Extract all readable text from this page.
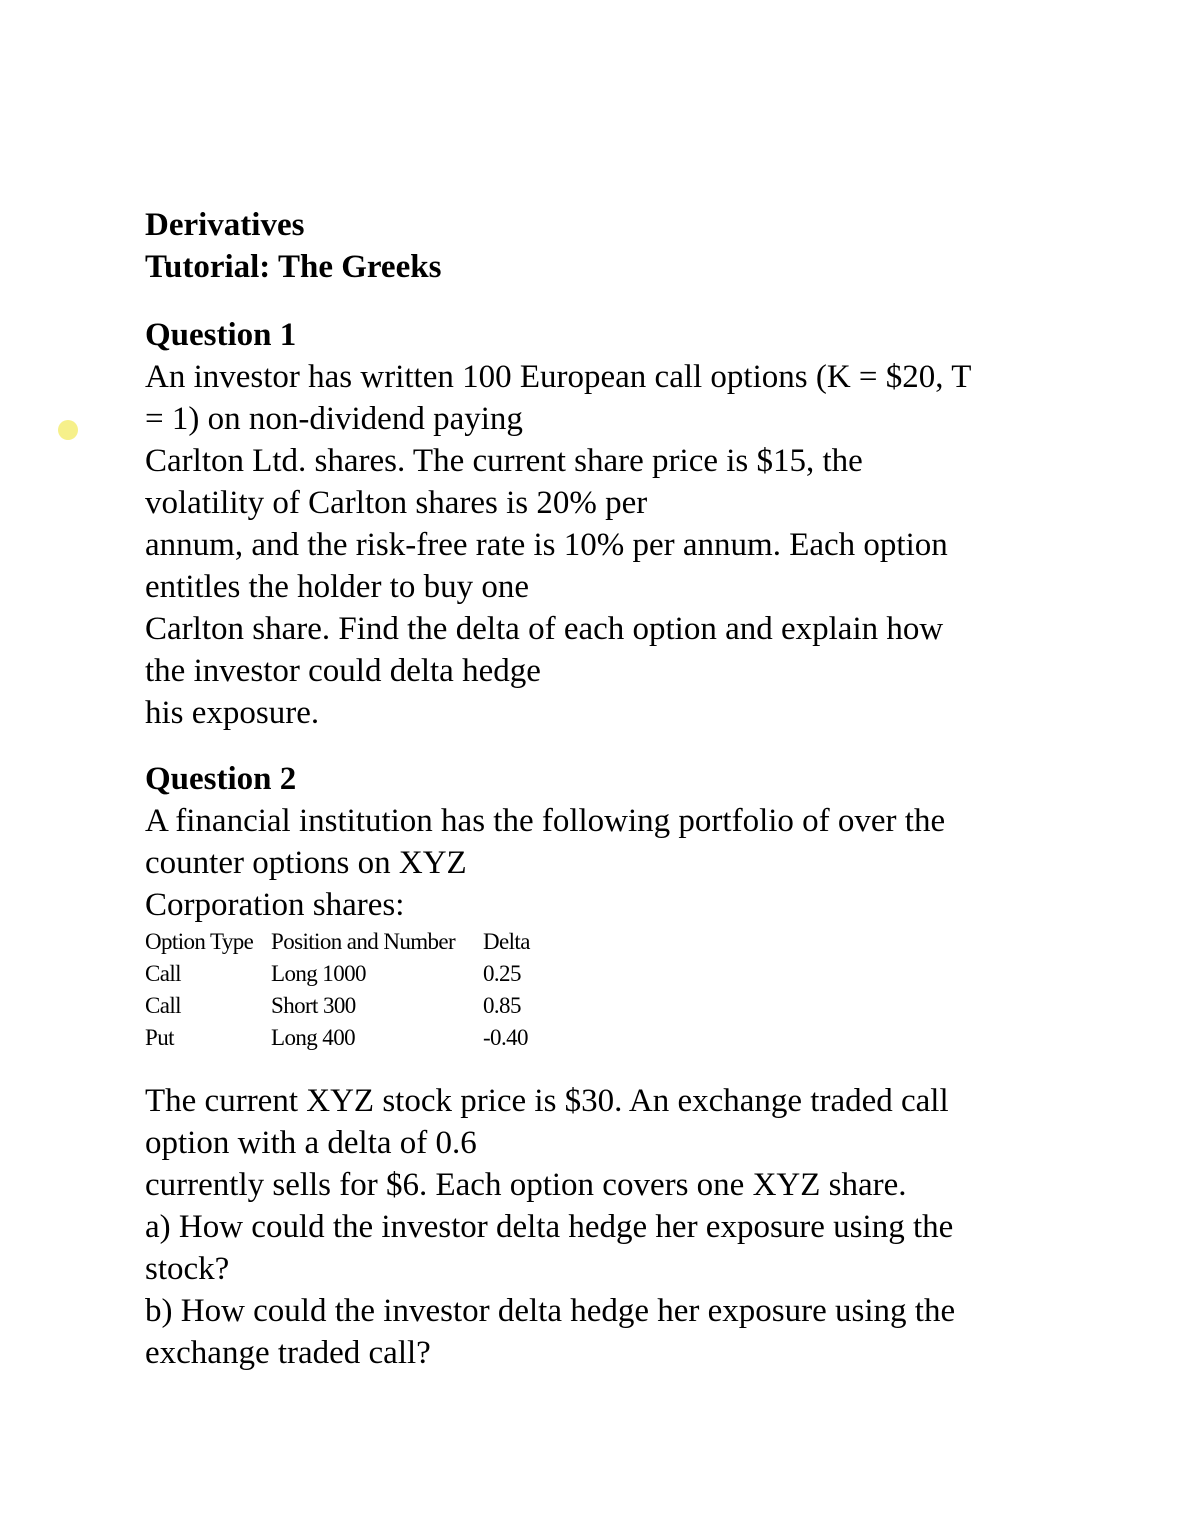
Derivatives
Tutorial: The Greeks
Question 1
An investor has written 100 European call options (K = $20, T
= 1) on non-dividend paying
Carlton Ltd. shares. The current share price is $15, the
volatility of Carlton shares is 20% per
annum, and the risk-free rate is 10% per annum. Each option
entitles the holder to buy one
Carlton share. Find the delta of each option and explain how
the investor could delta hedge
his exposure.
Question 2
A financial institution has the following portfolio of over the
counter options on XYZ
Corporation shares:
Option Type	Position and Number	Delta
Call	Long 1000	0.25
Call	Short 300	0.85
Put	Long 400	-0.40
The current XYZ stock price is $30. An exchange traded call
option with a delta of 0.6
currently sells for $6. Each option covers one XYZ share.
a) How could the investor delta hedge her exposure using the
stock?
b) How could the investor delta hedge her exposure using the
exchange traded call?
